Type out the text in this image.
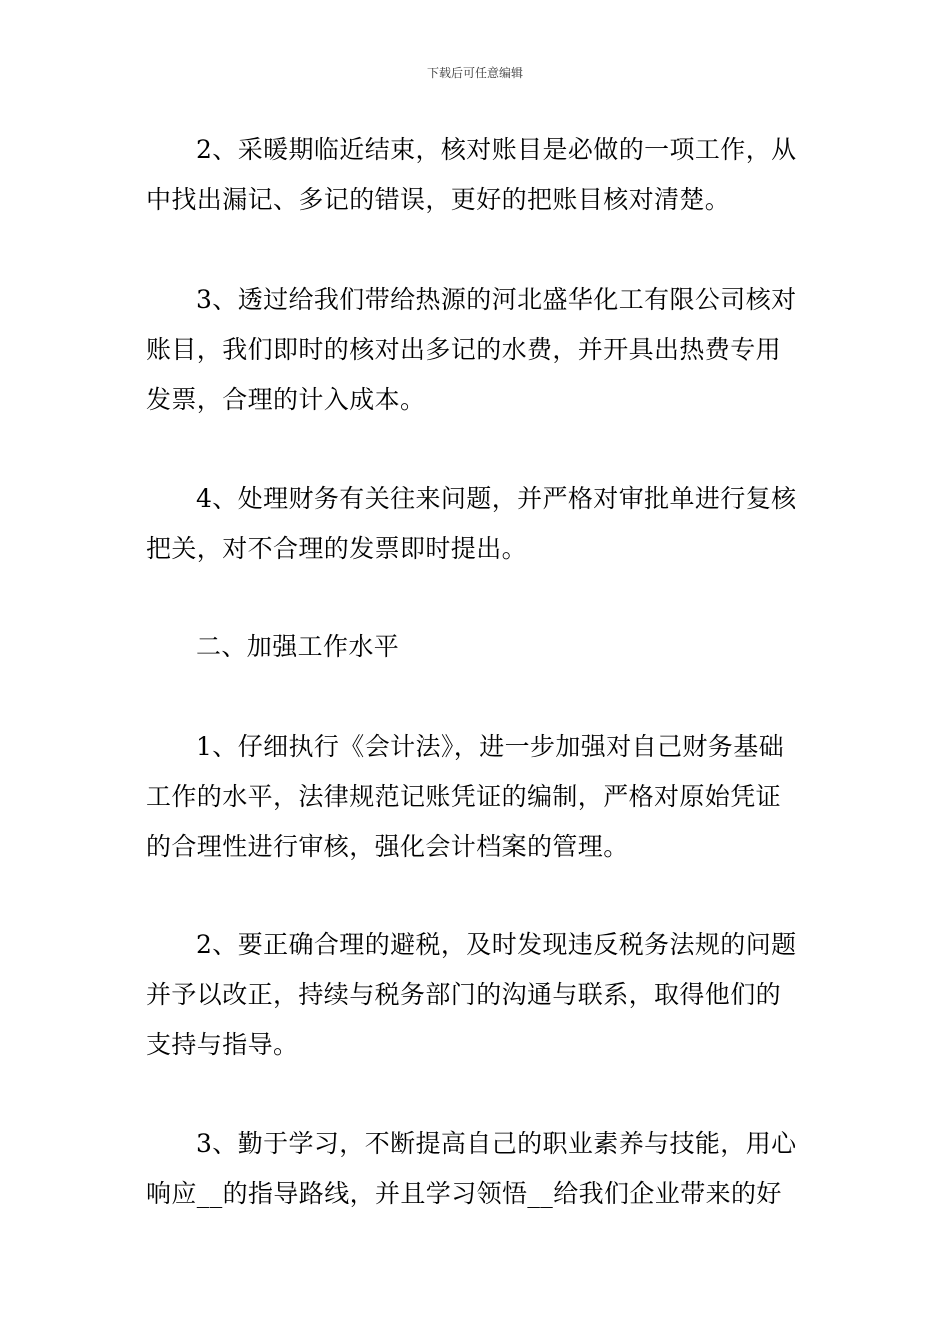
下载后可任意编辑
2、采暖期临近结束，核对账目是必做的一项工作，从
中找出漏记、多记的错误，更好的把账目核对清楚。
3、透过给我们带给热源的河北盛华化工有限公司核对
账目，我们即时的核对出多记的水费，并开具出热费专用
发票，合理的计入成本。
4、处理财务有关往来问题，并严格对审批单进行复核
把关，对不合理的发票即时提出。
二、加强工作水平
1、仔细执行《会计法》，进一步加强对自己财务基础
工作的水平，法律规范记账凭证的编制，严格对原始凭证
的合理性进行审核，强化会计档案的管理。
2、要正确合理的避税，及时发现违反税务法规的问题
并予以改正，持续与税务部门的沟通与联系，取得他们的
支持与指导。
3、勤于学习，不断提高自己的职业素养与技能，用心
响应__的指导路线，并且学习领悟__给我们企业带来的好
